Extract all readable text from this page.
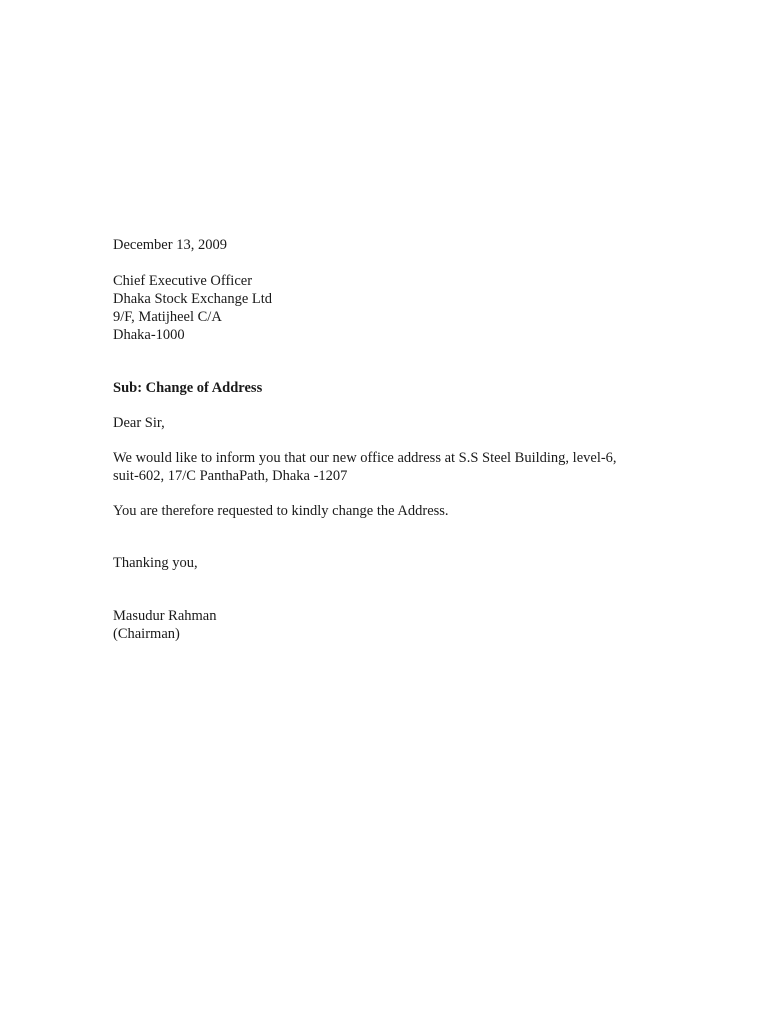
December 13, 2009
Chief Executive Officer
Dhaka Stock Exchange Ltd
9/F, Matijheel C/A
Dhaka-1000
Sub: Change of Address
Dear Sir,
We would like to inform you that our new office address at S.S Steel Building, level-6,
suit-602, 17/C PanthaPath, Dhaka -1207
You are therefore requested to kindly change the Address.
Thanking you,
Masudur Rahman
(Chairman)
